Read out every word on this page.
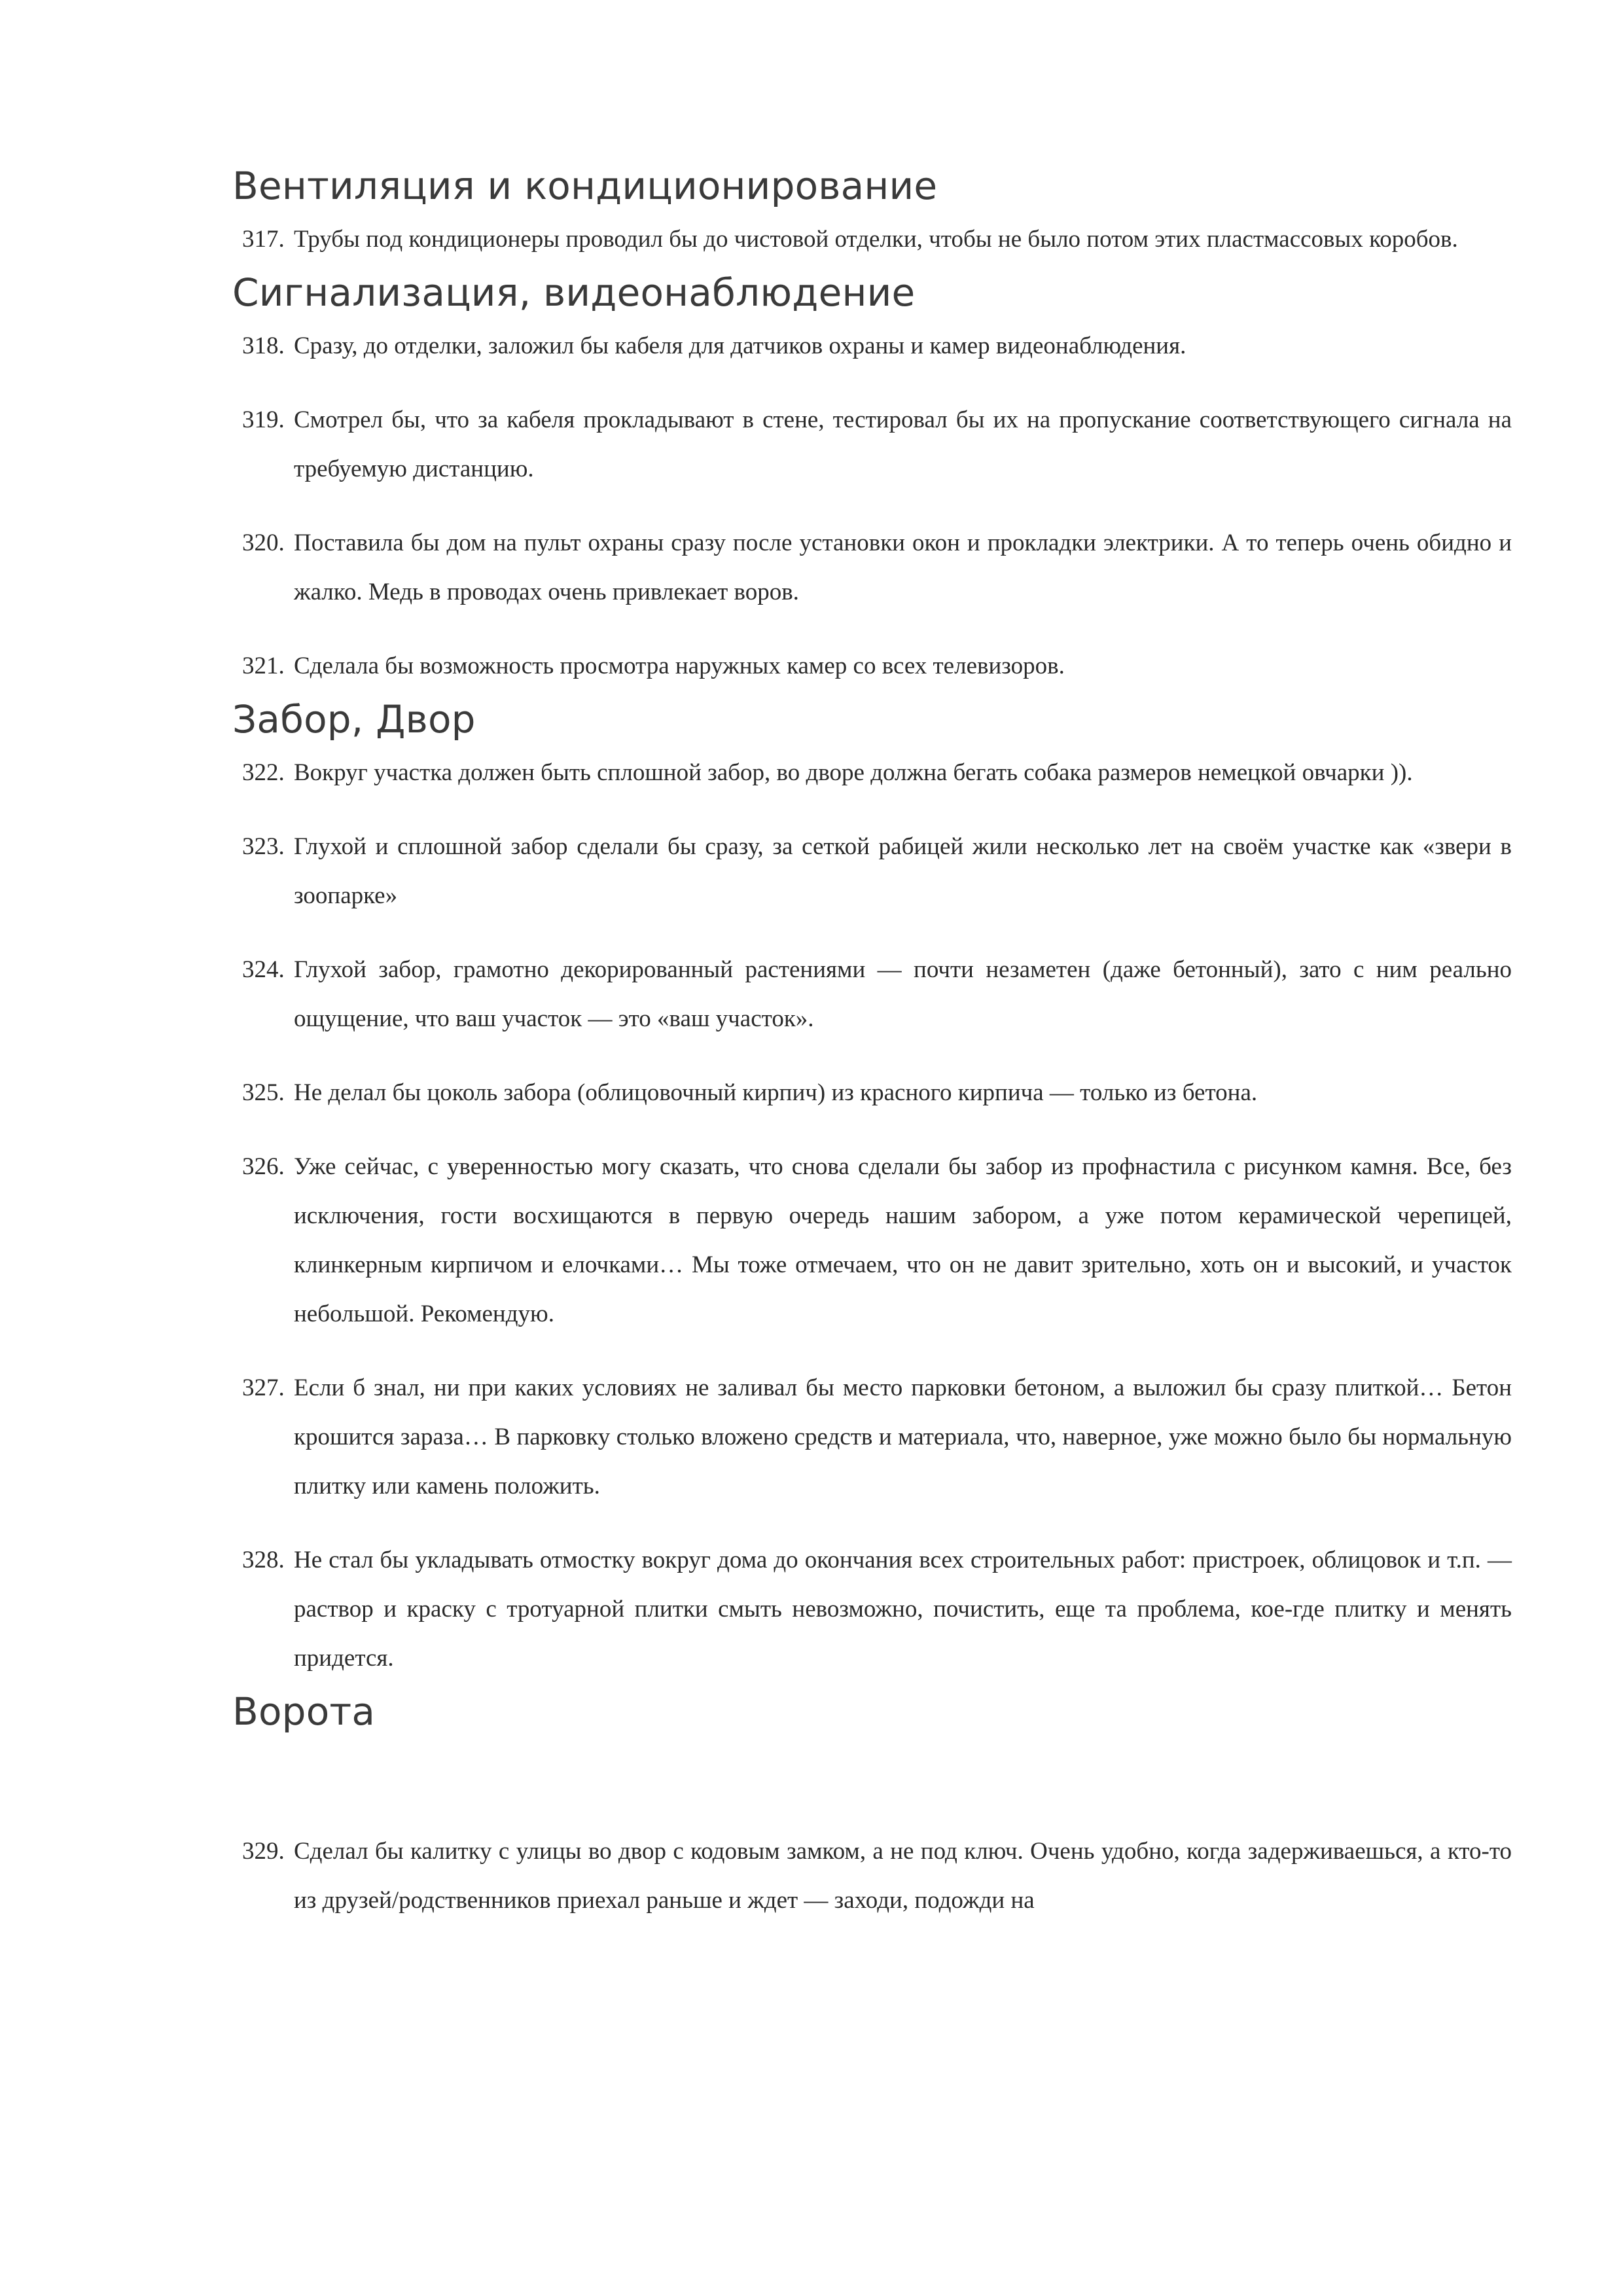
Вентиляция и кондиционирование

317. Трубы под кондиционеры проводил бы до чистовой отделки, чтобы не было потом этих пластмассовых коробов.

Сигнализация, видеонаблюдение

318. Сразу, до отделки, заложил бы кабеля для датчиков охраны и камер видеонаблюдения.

319. Смотрел бы, что за кабеля прокладывают в стене, тестировал бы их на пропускание соответствующего сигнала на требуемую дистанцию.

320. Поставила бы дом на пульт охраны сразу после установки окон и прокладки электрики. А то теперь очень обидно и жалко. Медь в проводах очень привлекает воров.

321. Сделала бы возможность просмотра наружных камер со всех телевизоров.

Забор, Двор

322. Вокруг участка должен быть сплошной забор, во дворе должна бегать собака размеров немецкой овчарки )).

323. Глухой и сплошной забор сделали бы сразу, за сеткой рабицей жили несколько лет на своём участке как «звери в зоопарке»

324. Глухой забор, грамотно декорированный растениями — почти незаметен (даже бетонный), зато с ним реально ощущение, что ваш участок — это «ваш участок».

325. Не делал бы цоколь забора (облицовочный кирпич) из красного кирпича — только из бетона.

326. Уже сейчас, с уверенностью могу сказать, что снова сделали бы забор из профнастила с рисунком камня. Все, без исключения, гости восхищаются в первую очередь нашим забором, а уже потом керамической черепицей, клинкерным кирпичом и елочками… Мы тоже отмечаем, что он не давит зрительно, хоть он и высокий, и участок небольшой. Рекомендую.

327. Если б знал, ни при каких условиях не заливал бы место парковки бетоном, а выложил бы сразу плиткой… Бетон крошится зараза… В парковку столько вложено средств и материала, что, наверное, уже можно было бы нормальную плитку или камень положить.

328. Не стал бы укладывать отмостку вокруг дома до окончания всех строительных работ: пристроек, облицовок и т.п. — раствор и краску с тротуарной плитки смыть невозможно, почистить, еще та проблема, кое-где плитку и менять придется.

Ворота

329. Сделал бы калитку с улицы во двор с кодовым замком, а не под ключ. Очень удобно, когда задерживаешься, а кто-то из друзей/родственников приехал раньше и ждет — заходи, подожди на
